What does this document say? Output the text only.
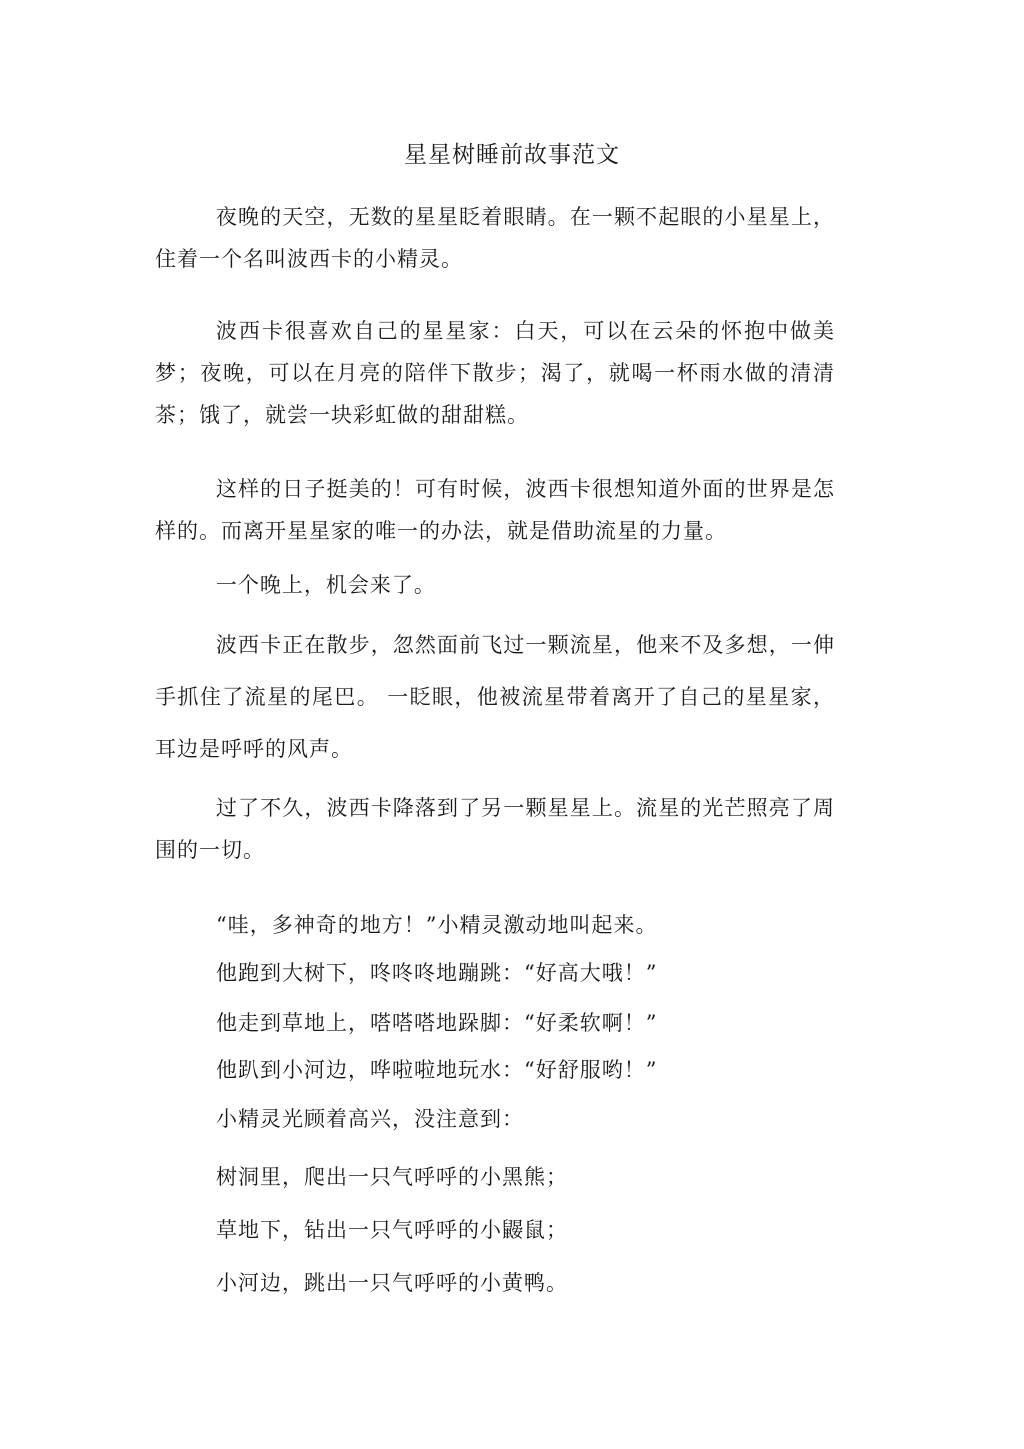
星星树睡前故事范文

夜晚的天空，无数的星星眨着眼睛。在一颗不起眼的小星星上，住着一个名叫波西卡的小精灵。

波西卡很喜欢自己的星星家：白天，可以在云朵的怀抱中做美梦；夜晚，可以在月亮的陪伴下散步；渴了，就喝一杯雨水做的清清茶；饿了，就尝一块彩虹做的甜甜糕。

这样的日子挺美的！可有时候，波西卡很想知道外面的世界是怎样的。而离开星星家的唯一的办法，就是借助流星的力量。

一个晚上，机会来了。

波西卡正在散步，忽然面前飞过一颗流星，他来不及多想，一伸手抓住了流星的尾巴。 一眨眼，他被流星带着离开了自己的星星家，耳边是呼呼的风声。

过了不久，波西卡降落到了另一颗星星上。流星的光芒照亮了周围的一切。

“哇，多神奇的地方！”小精灵激动地叫起来。
他跑到大树下，咚咚咚地蹦跳：“好高大哦！”
他走到草地上，嗒嗒嗒地跺脚：“好柔软啊！”
他趴到小河边，哗啦啦地玩水：“好舒服哟！”
小精灵光顾着高兴，没注意到：
树洞里，爬出一只气呼呼的小黑熊；
草地下，钻出一只气呼呼的小鼹鼠；
小河边，跳出一只气呼呼的小黄鸭。
